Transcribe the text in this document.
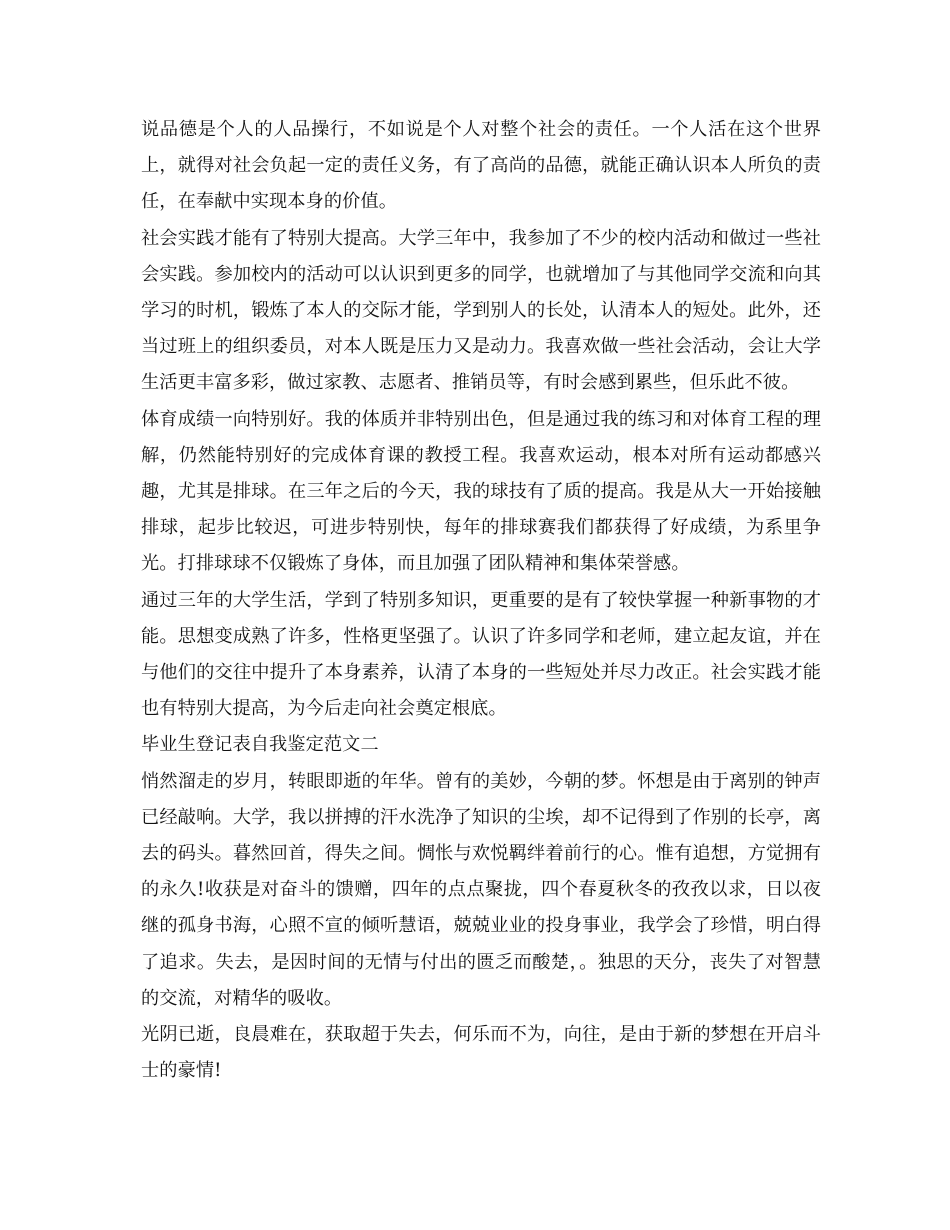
说品德是个人的人品操行，不如说是个人对整个社会的责任。一个人活在这个世界上，就得对社会负起一定的责任义务，有了高尚的品德，就能正确认识本人所负的责任，在奉献中实现本身的价值。

社会实践才能有了特别大提高。大学三年中，我参加了不少的校内活动和做过一些社会实践。参加校内的活动可以认识到更多的同学，也就增加了与其他同学交流和向其学习的时机，锻炼了本人的交际才能，学到别人的长处，认清本人的短处。此外，还当过班上的组织委员，对本人既是压力又是动力。我喜欢做一些社会活动，会让大学生活更丰富多彩，做过家教、志愿者、推销员等，有时会感到累些，但乐此不彼。

体育成绩一向特别好。我的体质并非特别出色，但是通过我的练习和对体育工程的理解，仍然能特别好的完成体育课的教授工程。我喜欢运动，根本对所有运动都感兴趣，尤其是排球。在三年之后的今天，我的球技有了质的提高。我是从大一开始接触排球，起步比较迟，可进步特别快，每年的排球赛我们都获得了好成绩，为系里争光。打排球球不仅锻炼了身体，而且加强了团队精神和集体荣誉感。

通过三年的大学生活，学到了特别多知识，更重要的是有了较快掌握一种新事物的才能。思想变成熟了许多，性格更坚强了。认识了许多同学和老师，建立起友谊，并在与他们的交往中提升了本身素养，认清了本身的一些短处并尽力改正。社会实践才能也有特别大提高，为今后走向社会奠定根底。

毕业生登记表自我鉴定范文二

悄然溜走的岁月，转眼即逝的年华。曾有的美妙，今朝的梦。怀想是由于离别的钟声已经敲响。大学，我以拼搏的汗水洗净了知识的尘埃，却不记得到了作别的长亭，离去的码头。暮然回首，得失之间。惆怅与欢悦羁绊着前行的心。惟有追想，方觉拥有的永久!收获是对奋斗的馈赠，四年的点点聚拢，四个春夏秋冬的孜孜以求，日以夜继的孤身书海，心照不宣的倾听慧语，兢兢业业的投身事业，我学会了珍惜，明白得了追求。失去，是因时间的无情与付出的匮乏而酸楚，。独思的天分，丧失了对智慧的交流，对精华的吸收。

光阴已逝，良晨难在，获取超于失去，何乐而不为，向往，是由于新的梦想在开启斗士的豪情!
